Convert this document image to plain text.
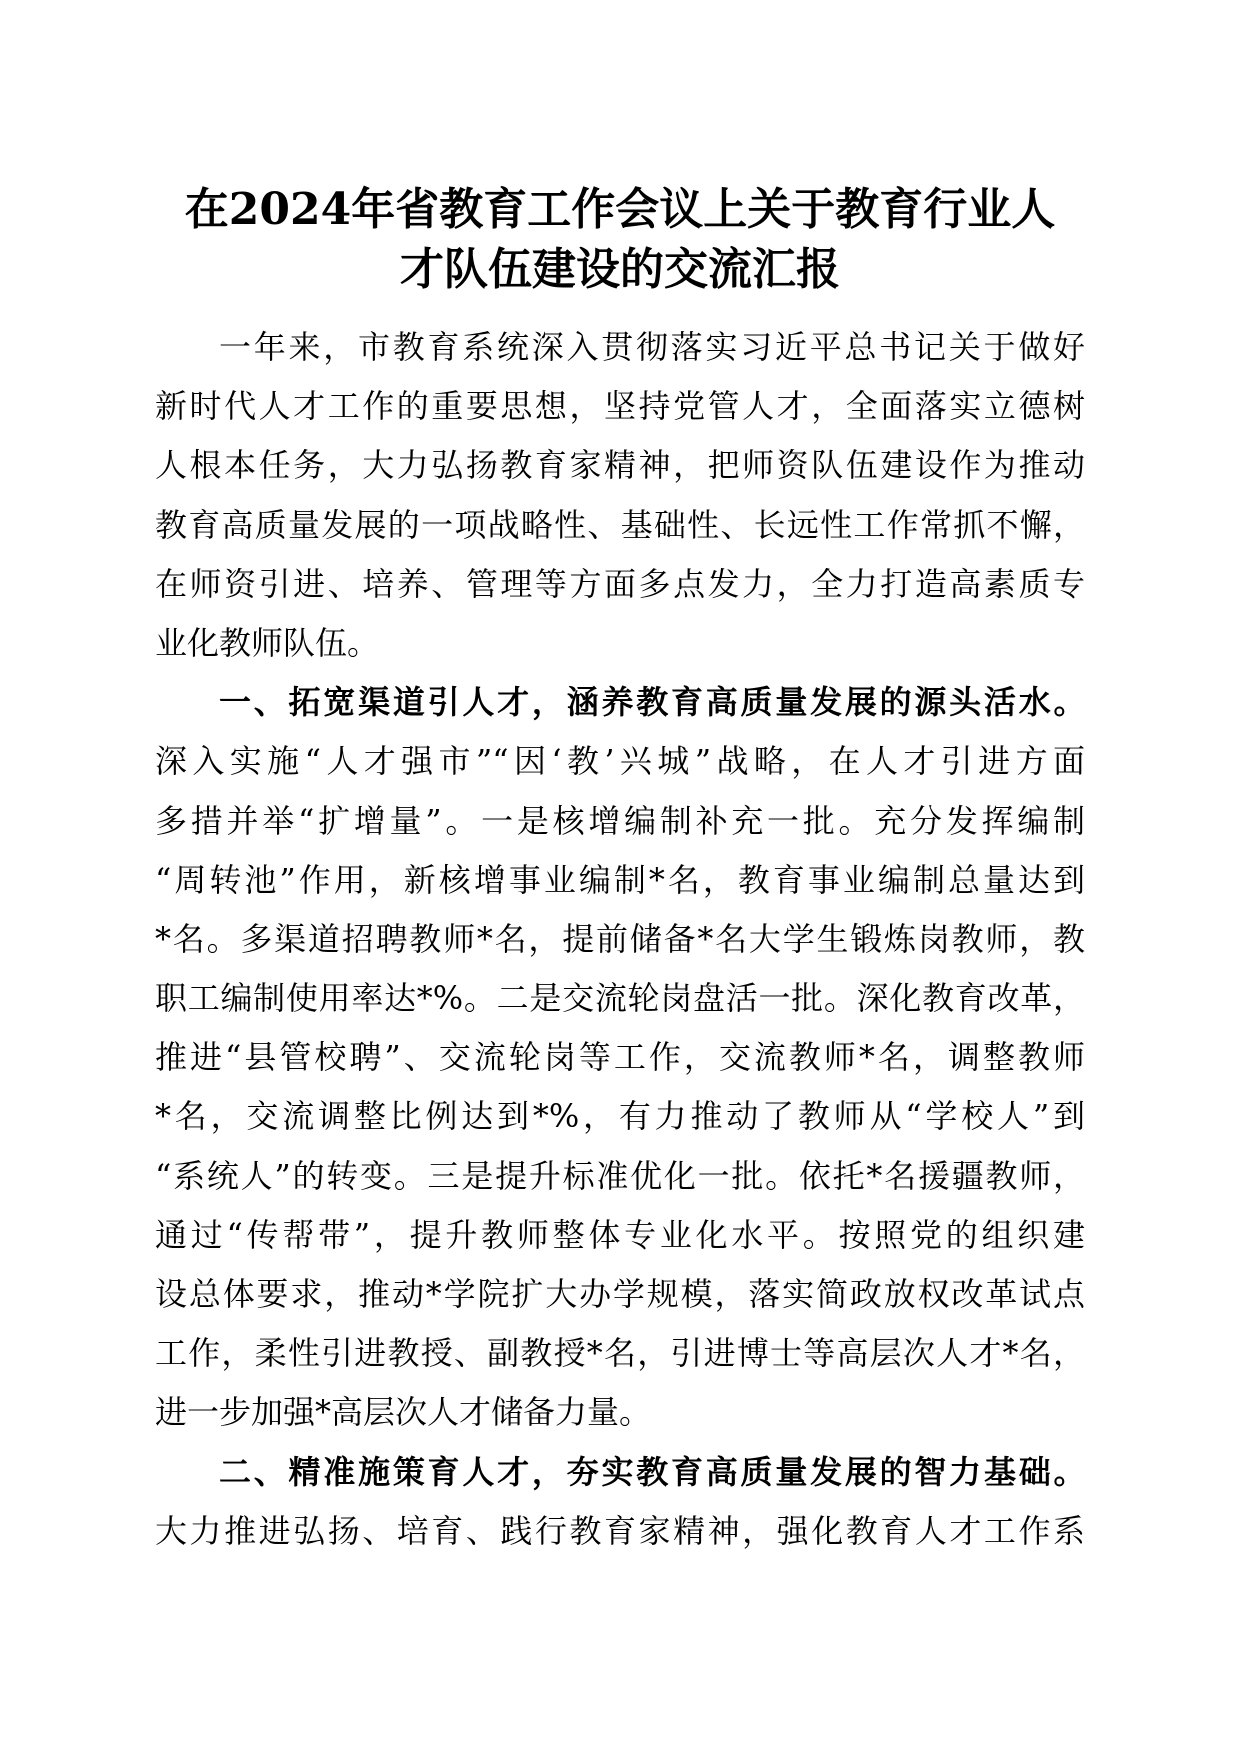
在2024年省教育工作会议上关于教育行业人
才队伍建设的交流汇报
一年来，市教育系统深入贯彻落实习近平总书记关于做好
新时代人才工作的重要思想，坚持党管人才，全面落实立德树
人根本任务，大力弘扬教育家精神，把师资队伍建设作为推动
教育高质量发展的一项战略性、基础性、长远性工作常抓不懈，
在师资引进、培养、管理等方面多点发力，全力打造高素质专
业化教师队伍。
一、拓宽渠道引人才，涵养教育高质量发展的源头活水。
深入实施“人才强市”“因‘教’兴城”战略，在人才引进方面
多措并举“扩增量”。一是核增编制补充一批。充分发挥编制
“周转池”作用，新核增事业编制*名，教育事业编制总量达到
*名。多渠道招聘教师*名，提前储备*名大学生锻炼岗教师，教
职工编制使用率达*%。二是交流轮岗盘活一批。深化教育改革，
推进“县管校聘”、交流轮岗等工作，交流教师*名，调整教师
*名，交流调整比例达到*%，有力推动了教师从“学校人”到
“系统人”的转变。三是提升标准优化一批。依托*名援疆教师，
通过“传帮带”，提升教师整体专业化水平。按照党的组织建
设总体要求，推动*学院扩大办学规模，落实简政放权改革试点
工作，柔性引进教授、副教授*名，引进博士等高层次人才*名，
进一步加强*高层次人才储备力量。
二、精准施策育人才，夯实教育高质量发展的智力基础。
大力推进弘扬、培育、践行教育家精神，强化教育人才工作系
